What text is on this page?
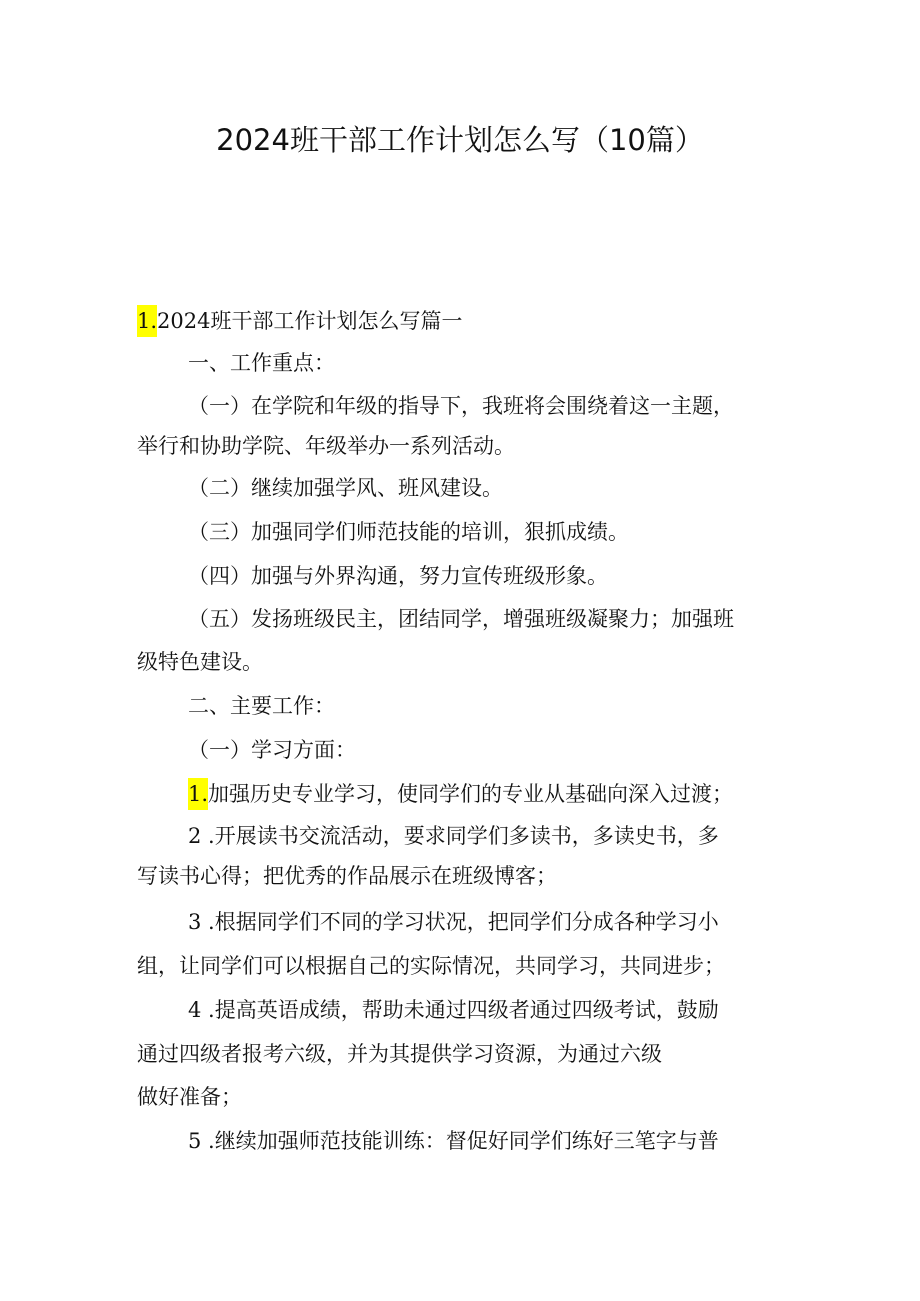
2024班干部工作计划怎么写（10篇）
1.2024班干部工作计划怎么写篇一
一、工作重点：
（一）在学院和年级的指导下，我班将会围绕着这一主题，
举行和协助学院、年级举办一系列活动。
（二）继续加强学风、班风建设。
（三）加强同学们师范技能的培训，狠抓成绩。
（四）加强与外界沟通，努力宣传班级形象。
（五）发扬班级民主，团结同学，增强班级凝聚力；加强班
级特色建设。
二、主要工作：
（一）学习方面：
1.加强历史专业学习，使同学们的专业从基础向深入过渡；
2 .开展读书交流活动，要求同学们多读书，多读史书，多
写读书心得；把优秀的作品展示在班级博客；
3 .根据同学们不同的学习状况，把同学们分成各种学习小
组，让同学们可以根据自己的实际情况，共同学习，共同进步；
4 .提高英语成绩，帮助未通过四级者通过四级考试，鼓励
通过四级者报考六级，并为其提供学习资源，为通过六级
做好准备；
5 .继续加强师范技能训练：督促好同学们练好三笔字与普
